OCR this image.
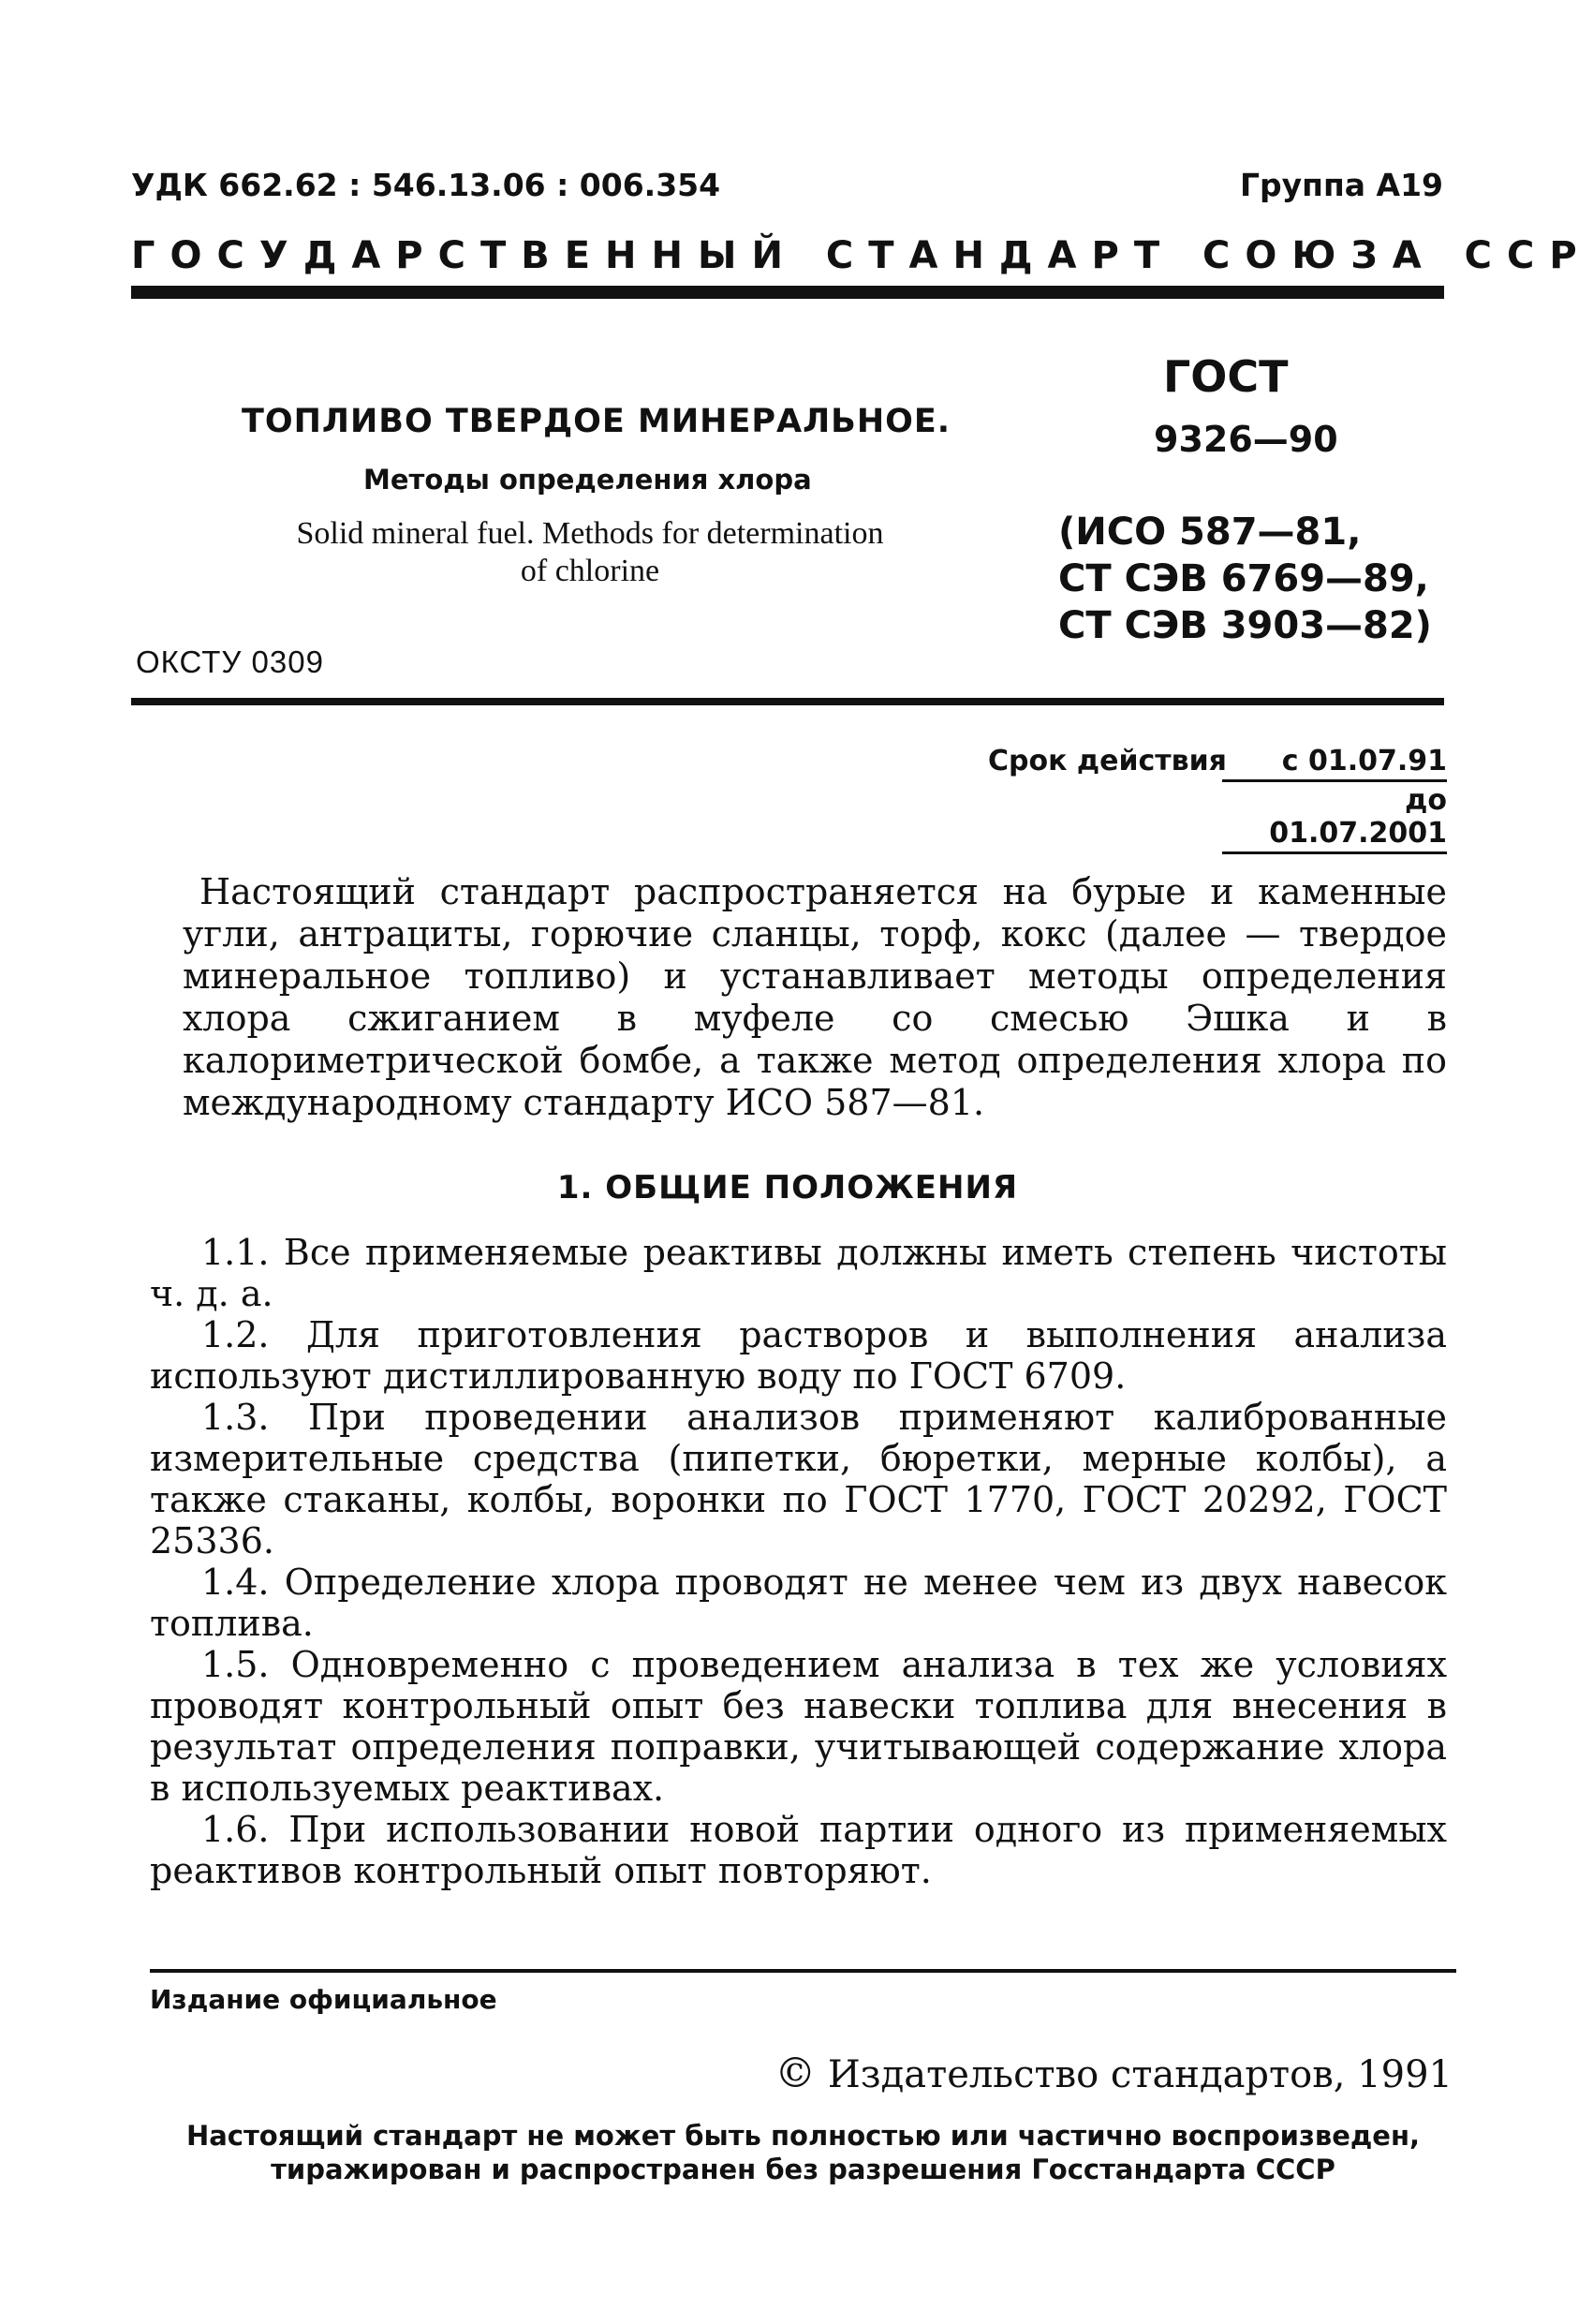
УДК 662.62 : 546.13.06 : 006.354	Группа А19
ГОСУДАРСТВЕННЫЙ СТАНДАРТ СОЮЗА ССР
ТОПЛИВО ТВЕРДОЕ МИНЕРАЛЬНОЕ.
Методы определения хлора
Solid mineral fuel. Methods for determination
of chlorine
ОКСТУ 0309
ГОСТ
9326—90
(ИСО 587—81,
СТ СЭВ 6769—89,
СТ СЭВ 3903—82)
Срок действия	с 01.07.91
до 01.07.2001

Настоящий стандарт распространяется на бурые и каменные угли, антрациты, горючие сланцы, торф, кокс (далее — твердое минеральное топливо) и устанавливает методы определения хлора сжиганием в муфеле со смесью Эшка и в калориметрической бомбе, а также метод определения хлора по международному стандарту ИСО 587—81.

1. ОБЩИЕ ПОЛОЖЕНИЯ

1.1. Все применяемые реактивы должны иметь степень чистоты ч. д. а.

1.2. Для приготовления растворов и выполнения анализа используют дистиллированную воду по ГОСТ 6709.

1.3. При проведении анализов применяют калиброванные измерительные средства (пипетки, бюретки, мерные колбы), а также стаканы, колбы, воронки по ГОСТ 1770, ГОСТ 20292, ГОСТ 25336.

1.4. Определение хлора проводят не менее чем из двух навесок топлива.

1.5. Одновременно с проведением анализа в тех же условиях проводят контрольный опыт без навески топлива для внесения в результат определения поправки, учитывающей содержание хлора в используемых реактивах.

1.6. При использовании новой партии одного из применяемых реактивов контрольный опыт повторяют.

Издание официальное
© Издательство стандартов, 1991
Настоящий стандарт не может быть полностью или частично воспроизведен,
тиражирован и распространен без разрешения Госстандарта СССР
